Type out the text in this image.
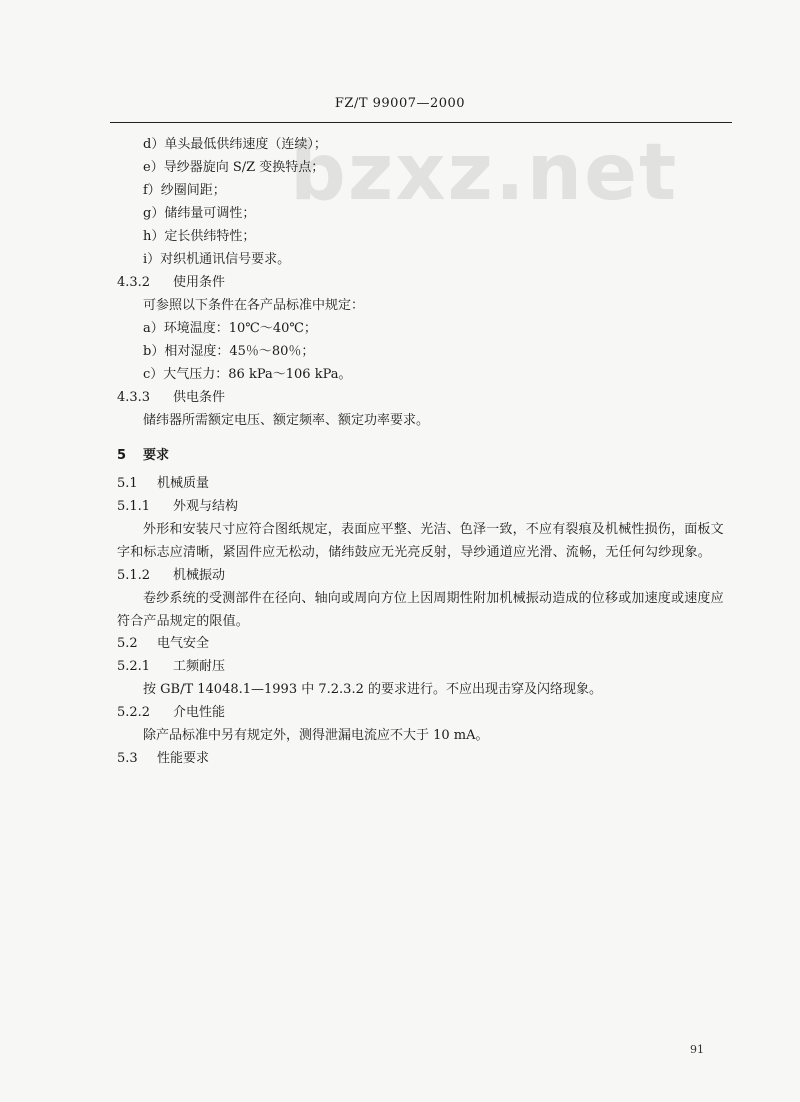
FZ/T 99007—2000
bzxz.net
d）单头最低供纬速度（连续）；
e）导纱器旋向 S/Z 变换特点；
f）纱圈间距；
g）储纬量可调性；
h）定长供纬特性；
i）对织机通讯信号要求。
4.3.2 使用条件
可参照以下条件在各产品标准中规定：
a）环境温度：10℃～40℃；
b）相对湿度：45％～80％；
c）大气压力：86 kPa～106 kPa。
4.3.3 供电条件
储纬器所需额定电压、额定频率、额定功率要求。
5 要求
5.1 机械质量
5.1.1 外观与结构
外形和安装尺寸应符合图纸规定，表面应平整、光洁、色泽一致，不应有裂痕及机械性损伤，面板文字和标志应清晰，紧固件应无松动，储纬鼓应无光亮反射，导纱通道应光滑、流畅，无任何勾纱现象。
5.1.2 机械振动
卷纱系统的受测部件在径向、轴向或周向方位上因周期性附加机械振动造成的位移或加速度或速度应符合产品规定的限值。
5.2 电气安全
5.2.1 工频耐压
按 GB/T 14048.1—1993 中 7.2.3.2 的要求进行。不应出现击穿及闪络现象。
5.2.2 介电性能
除产品标准中另有规定外，测得泄漏电流应不大于 10 mA。
5.3 性能要求
91
